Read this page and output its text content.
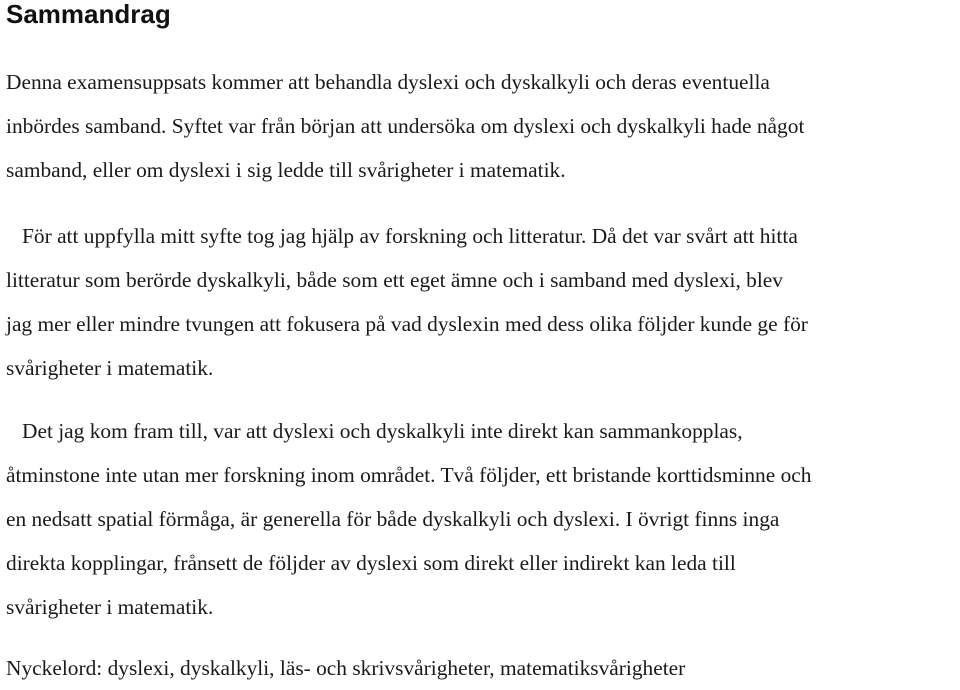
Sammandrag

Denna examensuppsats kommer att behandla dyslexi och dyskalkyli och deras eventuella
inbördes samband. Syftet var från början att undersöka om dyslexi och dyskalkyli hade något
samband, eller om dyslexi i sig ledde till svårigheter i matematik.

För att uppfylla mitt syfte tog jag hjälp av forskning och litteratur. Då det var svårt att hitta
litteratur som berörde dyskalkyli, både som ett eget ämne och i samband med dyslexi, blev
jag mer eller mindre tvungen att fokusera på vad dyslexin med dess olika följder kunde ge för
svårigheter i matematik.

Det jag kom fram till, var att dyslexi och dyskalkyli inte direkt kan sammankopplas,
åtminstone inte utan mer forskning inom området. Två följder, ett bristande korttidsminne och
en nedsatt spatial förmåga, är generella för både dyskalkyli och dyslexi. I övrigt finns inga
direkta kopplingar, frånsett de följder av dyslexi som direkt eller indirekt kan leda till
svårigheter i matematik.

Nyckelord: dyslexi, dyskalkyli, läs- och skrivsvårigheter, matematiksvårigheter
